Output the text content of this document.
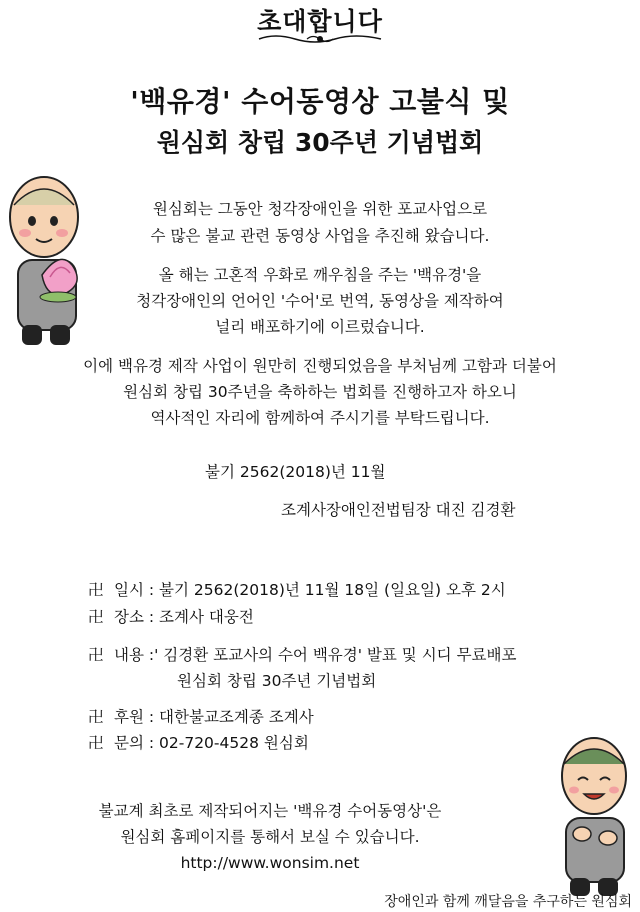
초대합니다
'백유경' 수어동영상 고불식 및
원심회 창립 30주년 기념법회
원심회는 그동안 청각장애인을 위한 포교사업으로
수 많은 불교 관련 동영상 사업을 추진해 왔습니다.
올 해는 고혼적 우화로 깨우침을 주는 '백유경'을
청각장애인의 언어인 '수어'로 번역, 동영상을 제작하여
널리 배포하기에 이르렀습니다.
이에 백유경 제작 사업이 원만히 진행되었음을 부처님께 고함과 더불어
원심회 창립 30주년을 축하하는 법회를 진행하고자 하오니
역사적인 자리에 함께하여 주시기를 부탁드립니다.
불기 2562(2018)년 11월
조계사장애인전법팀장 대진 김경환
卍 일시 : 불기 2562(2018)년 11월 18일 (일요일) 오후 2시
卍 장소 : 조계사 대웅전
卍 내용 :' 김경환 포교사의 수어 백유경' 발표 및 시디 무료배포
원심회 창립 30주년 기념법회
卍 후원 : 대한불교조계종 조계사
卍 문의 : 02-720-4528 원심회
불교계 최초로 제작되어지는 '백유경 수어동영상'은
원심회 홈페이지를 통해서 보실 수 있습니다.
http://www.wonsim.net
장애인과 함께 깨달음을 추구하는 원심회
